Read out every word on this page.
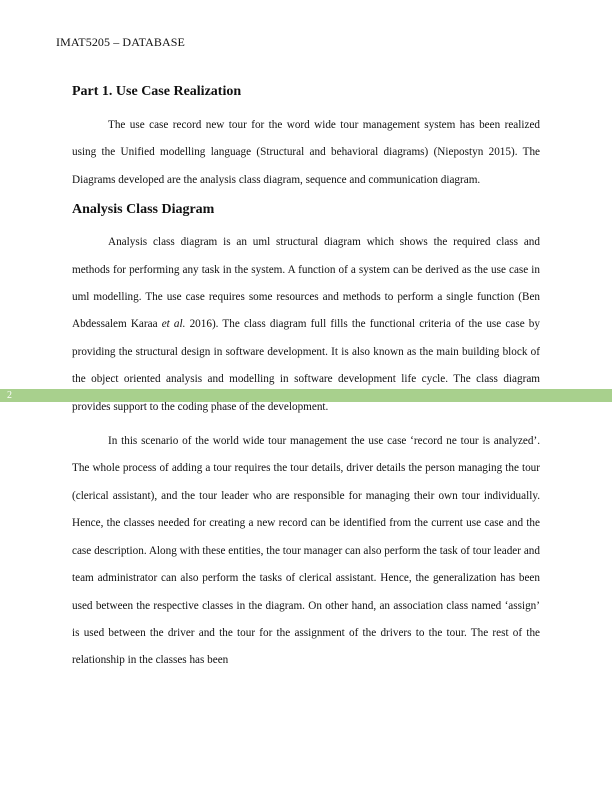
IMAT5205 – DATABASE
2
Part 1. Use Case Realization

The use case record new tour for the word wide tour management system has been realized using the Unified modelling language (Structural and behavioral diagrams) (Niepostyn 2015). The Diagrams developed are the analysis class diagram, sequence and communication diagram.

Analysis Class Diagram

Analysis class diagram is an uml structural diagram which shows the required class and methods for performing any task in the system. A function of a system can be derived as the use case in uml modelling. The use case requires some resources and methods to perform a single function (Ben Abdessalem Karaa et al. 2016). The class diagram full fills the functional criteria of the use case by providing the structural design in software development. It is also known as the main building block of the object oriented analysis and modelling in software development life cycle. The class diagram provides support to the coding phase of the development.

In this scenario of the world wide tour management the use case ‘record ne tour is analyzed’. The whole process of adding a tour requires the tour details, driver details the person managing the tour (clerical assistant), and the tour leader who are responsible for managing their own tour individually. Hence, the classes needed for creating a new record can be identified from the current use case and the case description. Along with these entities, the tour manager can also perform the task of tour leader and team administrator can also perform the tasks of clerical assistant. Hence, the generalization has been used between the respective classes in the diagram. On other hand, an association class named ‘assign’ is used between the driver and the tour for the assignment of the drivers to the tour. The rest of the relationship in the classes has been
